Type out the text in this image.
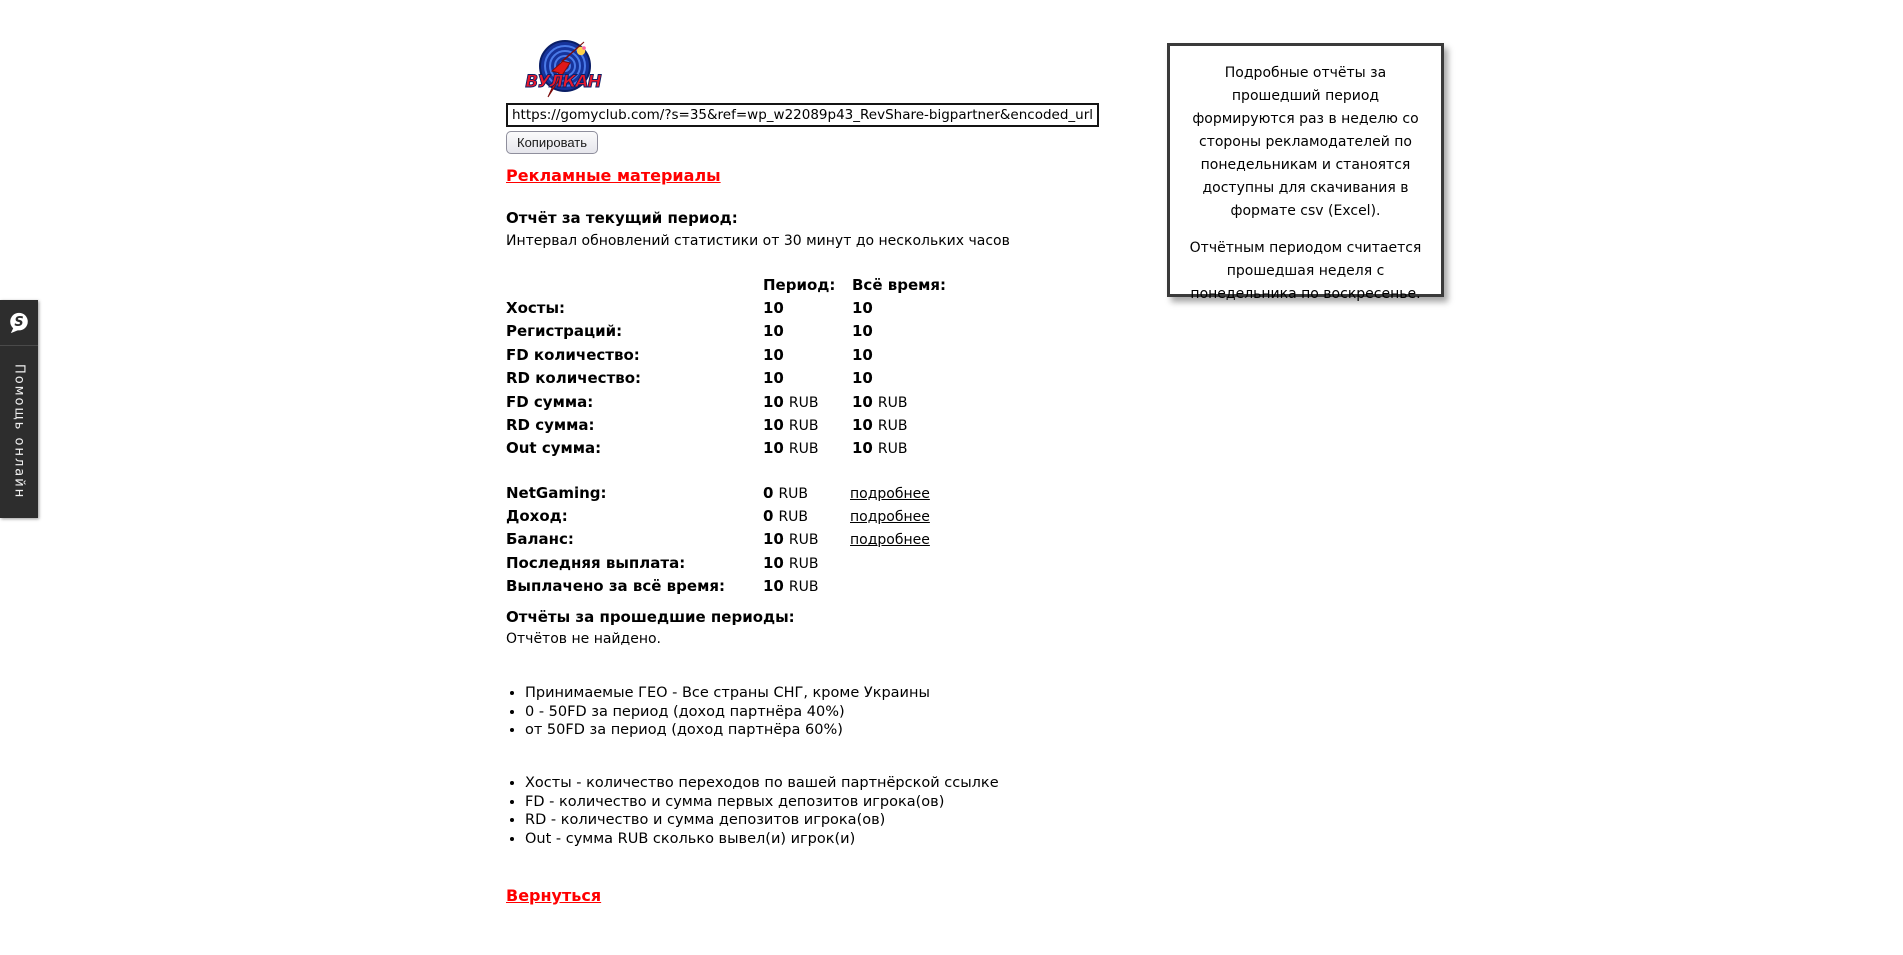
S
Помощь онлайн
ВУЛКАН
https://gomyclub.com/?s=35&ref=wp_w22089p43_RevShare-bigpartner&encoded_url=cmVnaXl
Копировать
Рекламные материалы
Отчёт за текущий период:
Интервал обновлений статистики от 30 минут до нескольких часов
Период:	Всё время:
Хосты:	10	10
Регистраций:	10	10
FD количество:	10	10
RD количество:	10	10
FD сумма:	10 RUB	10 RUB
RD сумма:	10 RUB	10 RUB
Out сумма:	10 RUB	10 RUB
NetGaming:	0 RUB	подробнее
Доход:	0 RUB	подробнее
Баланс:	10 RUB	подробнее
Последняя выплата:	10 RUB
Выплачено за всё время:	10 RUB
Отчёты за прошедшие периоды:
Отчётов не найдено.
• Принимаемые ГЕО - Все страны СНГ, кроме Украины
• 0 - 50FD за период (доход партнёра 40%)
• от 50FD за период (доход партнёра 60%)
• Хосты - количество переходов по вашей партнёрской ссылке
• FD - количество и сумма первых депозитов игрока(ов)
• RD - количество и сумма депозитов игрока(ов)
• Out - сумма RUB сколько вывел(и) игрок(и)
Вернуться

Подробные отчёты за прошедший период формируются раз в неделю со стороны рекламодателей по понедельникам и станоятся доступны для скачивания в формате csv (Excel).

Отчётным периодом считается прошедшая неделя с понедельника по воскресенье.
